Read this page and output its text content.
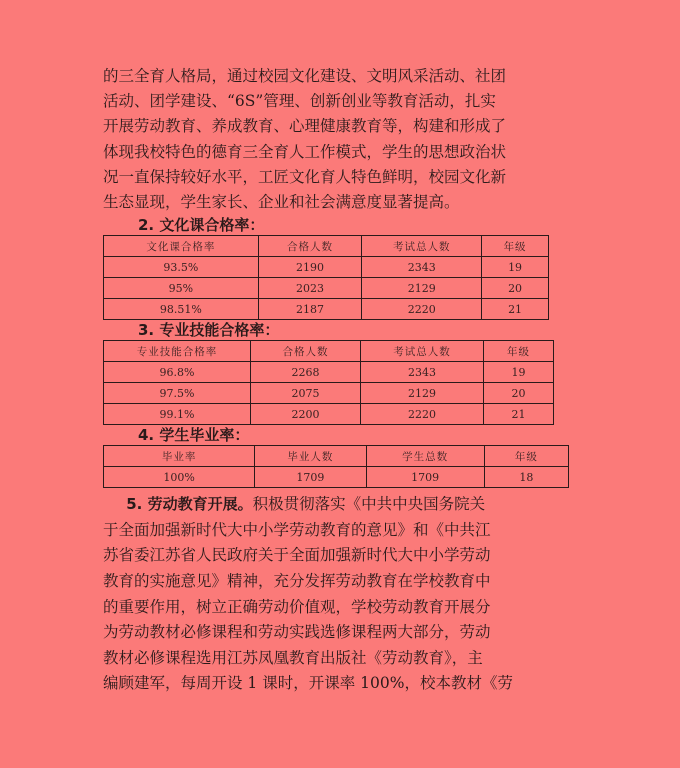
的三全育人格局，通过校园文化建设、文明风采活动、社团

活动、团学建设、“6S”管理、创新创业等教育活动，扎实

开展劳动教育、养成教育、心理健康教育等，构建和形成了

体现我校特色的德育三全育人工作模式，学生的思想政治状

况一直保持较好水平，工匠文化育人特色鲜明，校园文化新

生态显现，学生家长、企业和社会满意度显著提高。

2. 文化课合格率：
文化课合格率	合格人数	考试总人数	年级
93.5%	2190	2343	19
95%	2023	2129	20
98.51%	2187	2220	21
3. 专业技能合格率：
专业技能合格率	合格人数	考试总人数	年级
96.8%	2268	2343	19
97.5%	2075	2129	20
99.1%	2200	2220	21
4. 学生毕业率：
毕业率	毕业人数	学生总数	年级
100%	1709	1709	18

  5. 劳动教育开展。积极贯彻落实《中共中央国务院关

于全面加强新时代大中小学劳动教育的意见》和《中共江

苏省委江苏省人民政府关于全面加强新时代大中小学劳动

教育的实施意见》精神，充分发挥劳动教育在学校教育中

的重要作用，树立正确劳动价值观，学校劳动教育开展分

为劳动教材必修课程和劳动实践选修课程两大部分，劳动

教材必修课程选用江苏凤凰教育出版社《劳动教育》，主

编顾建军，每周开设 1 课时，开课率 100%，校本教材《劳
